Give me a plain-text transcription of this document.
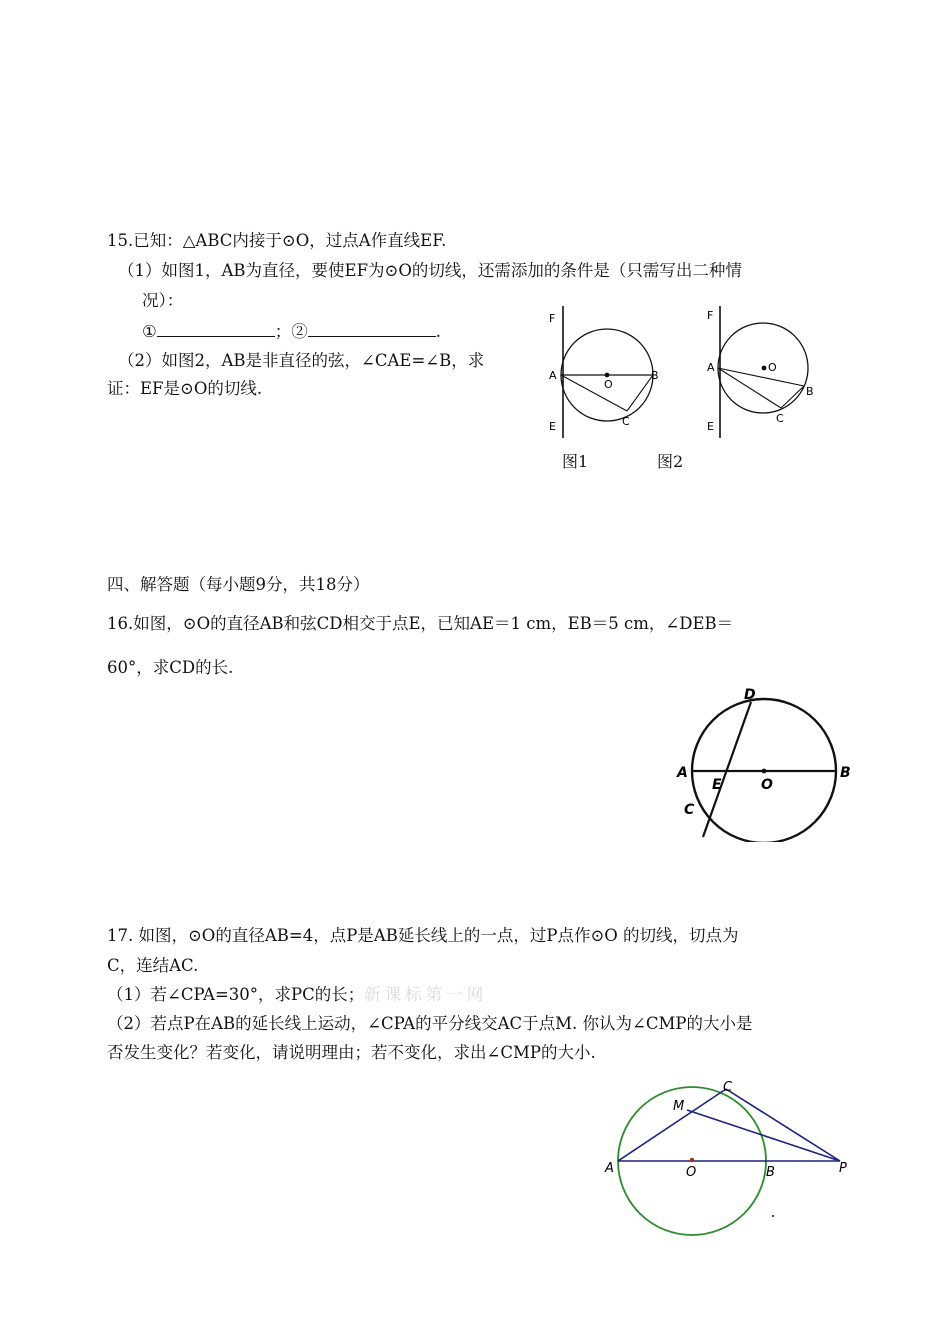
15.已知：△ABC内接于⊙O，过点A作直线EF.
（1）如图1，AB为直径，要使EF为⊙O的切线，还需添加的条件是（只需写出二种情
况）：
①	；②	.
（2）如图2，AB是非直径的弦，∠CAE=∠B，求
证：EF是⊙O的切线.
F
A
O
B
E	C
图1
F
A	O
B
E
C
图2
四、解答题（每小题9分，共18分）
16.如图，⊙O的直径AB和弦CD相交于点E，已知AE＝1 cm，EB＝5 cm，∠DEB＝
60°，求CD的长.
D
A
E	O
B
C
17. 如图，⊙O的直径AB=4，点P是AB延长线上的一点，过P点作⊙O 的切线，切点为
C，连结AC.
（1）若∠CPA=30°，求PC的长；新课标第一网
（2）若点P在AB的延长线上运动，∠CPA的平分线交AC于点M. 你认为∠CMP的大小是
否发生变化？若变化，请说明理由；若不变化，求出∠CMP的大小.
C
M
A	O	B	P
